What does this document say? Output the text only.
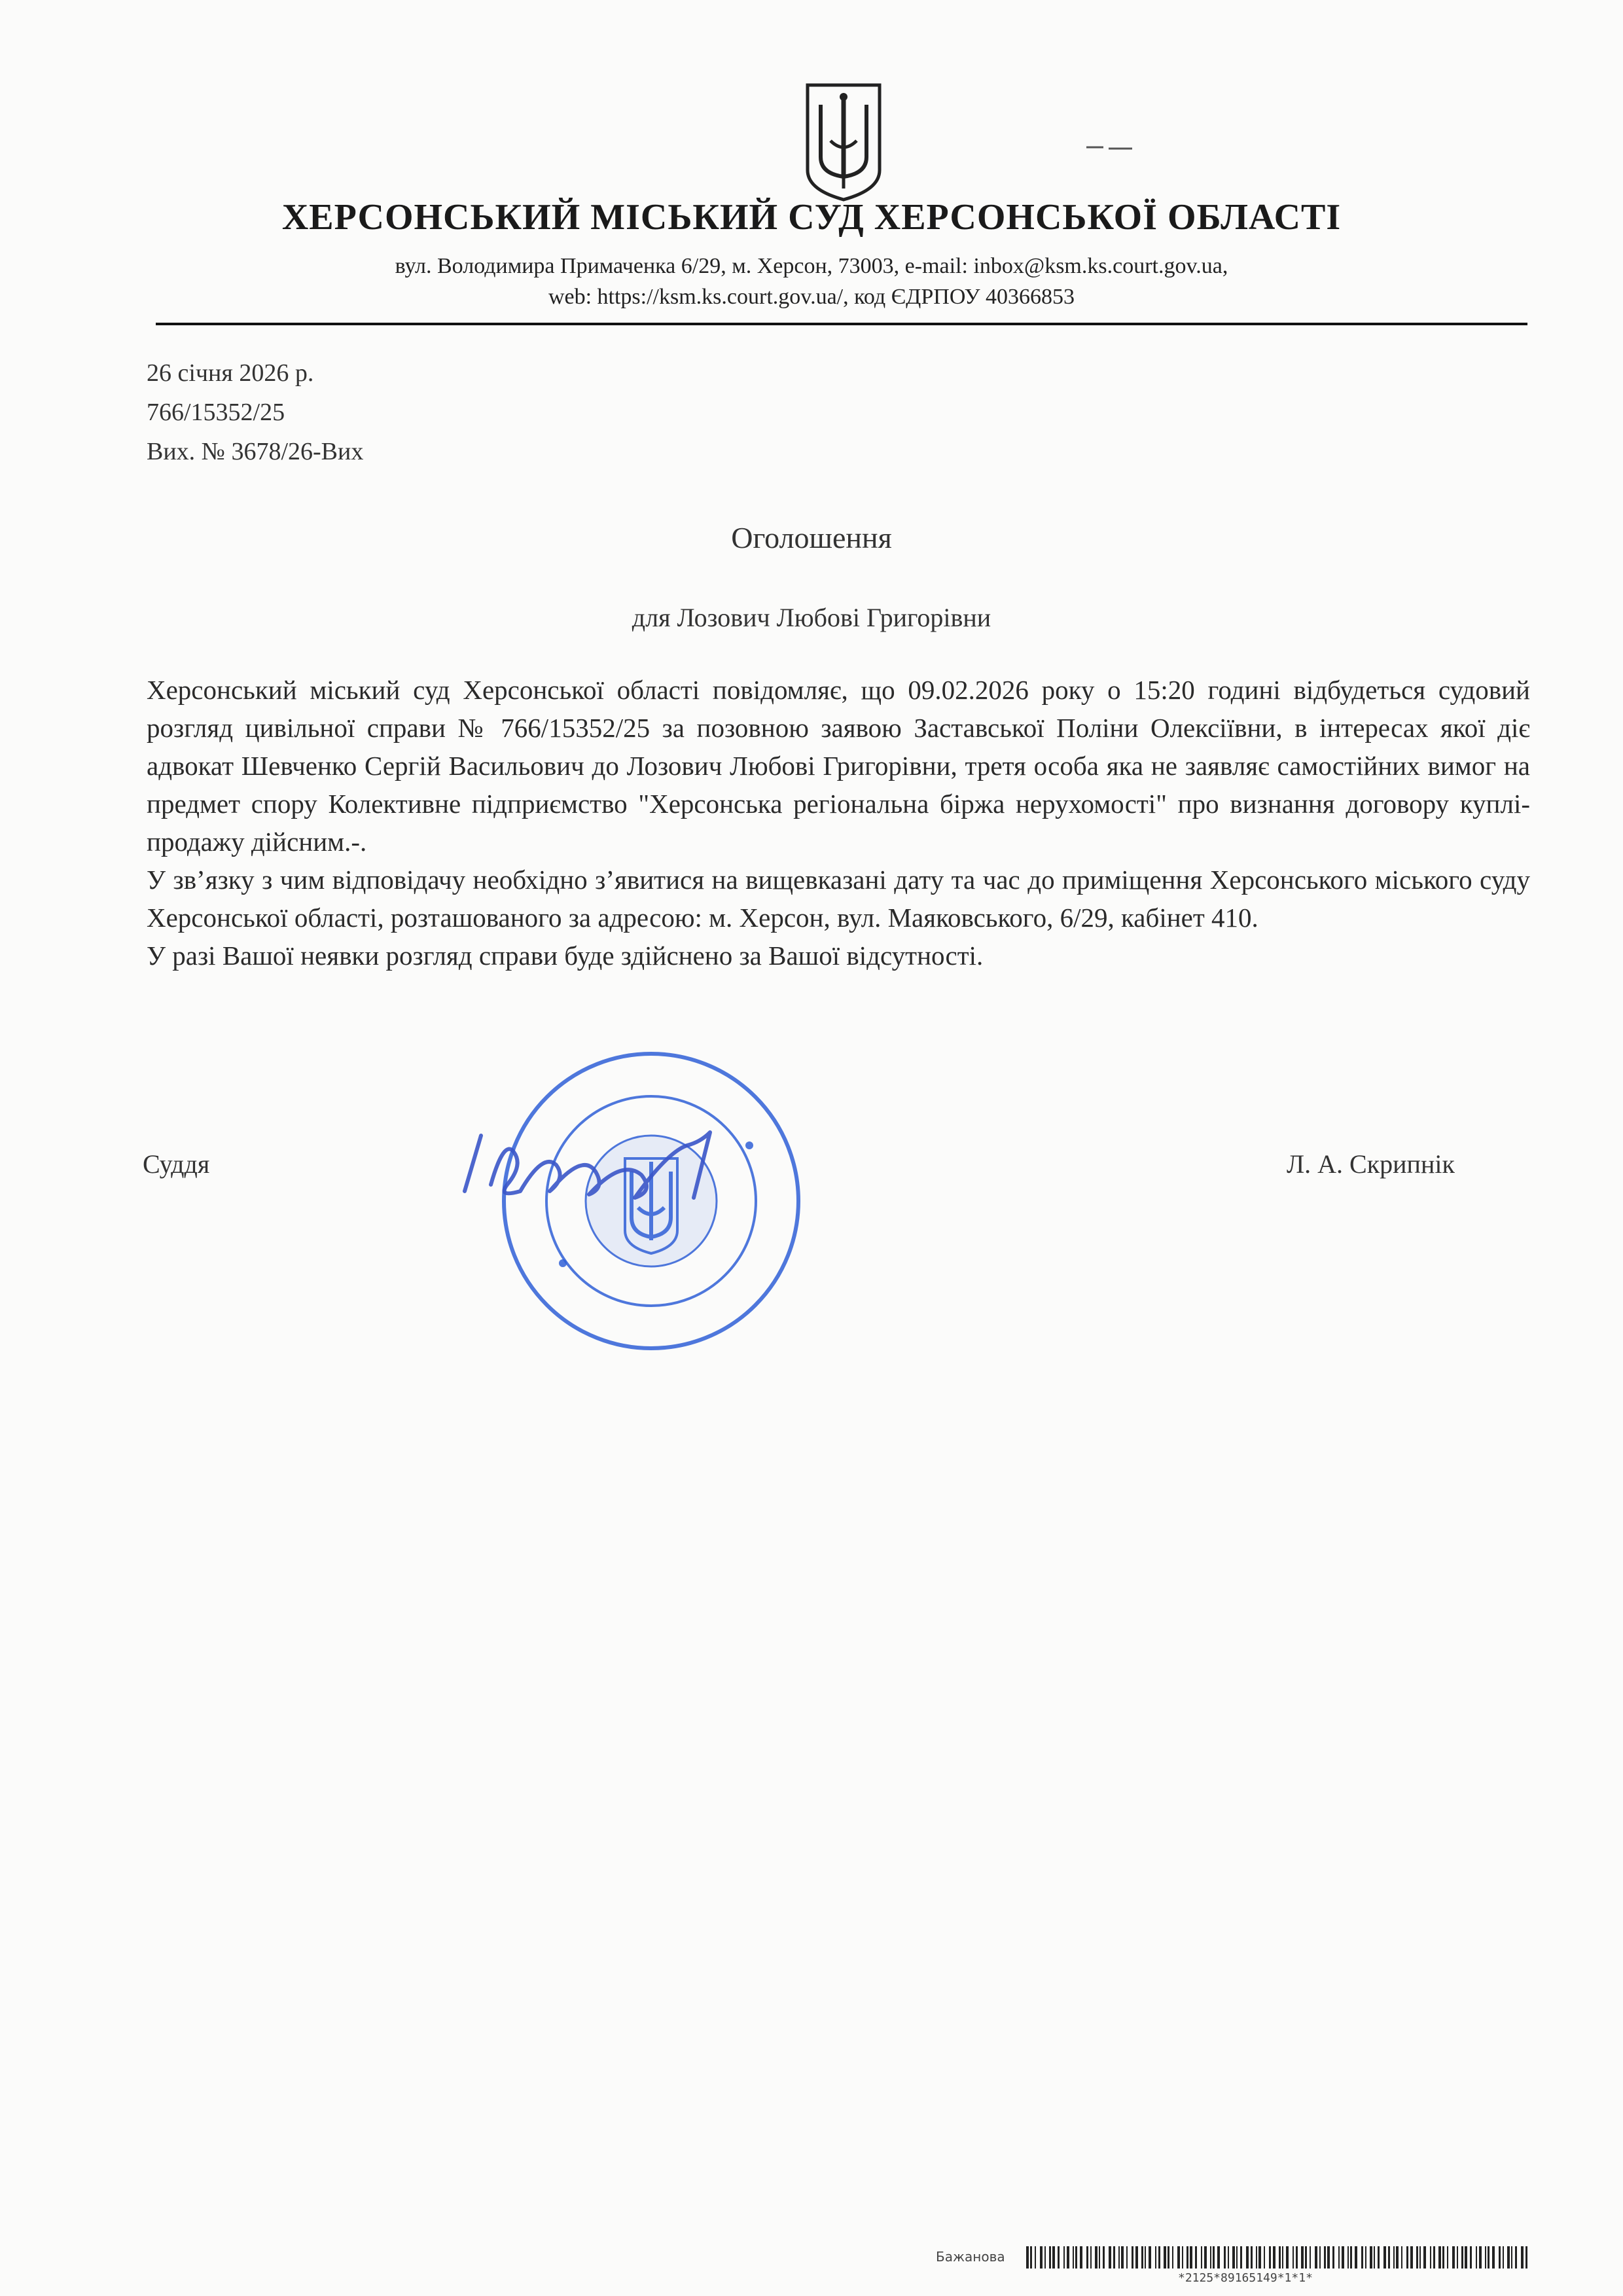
ХЕРСОНСЬКИЙ МІСЬКИЙ СУД ХЕРСОНСЬКОЇ ОБЛАСТІ
вул. Володимира Примаченка 6/29, м. Херсон, 73003, e-mail: inbox@ksm.ks.court.gov.ua,
web: https://ksm.ks.court.gov.ua/, код ЄДРПОУ 40366853
26 січня 2026 р.
766/15352/25
Вих. № 3678/26-Вих
Оголошення
для Лозович Любові Григорівни

Херсонський міський суд Херсонської області повідомляє, що 09.02.2026 року о 15:20 годині відбудеться судовий розгляд цивільної справи № 766/15352/25 за позовною заявою Заставської Поліни Олексіївни, в інтересах якої діє адвокат Шевченко Сергій Васильович до Лозович Любові Григорівни, третя особа яка не заявляє самостійних вимог на предмет спору Колективне підприємство "Херсонська регіональна біржа нерухомості" про визнання договору куплі-продажу дійсним.-.

У зв’язку з чим відповідачу необхідно з’явитися на вищевказані дату та час до приміщення Херсонського міського суду Херсонської області, розташованого за адресою: м. Херсон, вул. Маяковського, 6/29, кабінет 410.

У разі Вашої неявки розгляд справи буде здійснено за Вашої відсутності.

Суддя	Л. А. Скрипнік
Бажанова
*2125*89165149*1*1*
